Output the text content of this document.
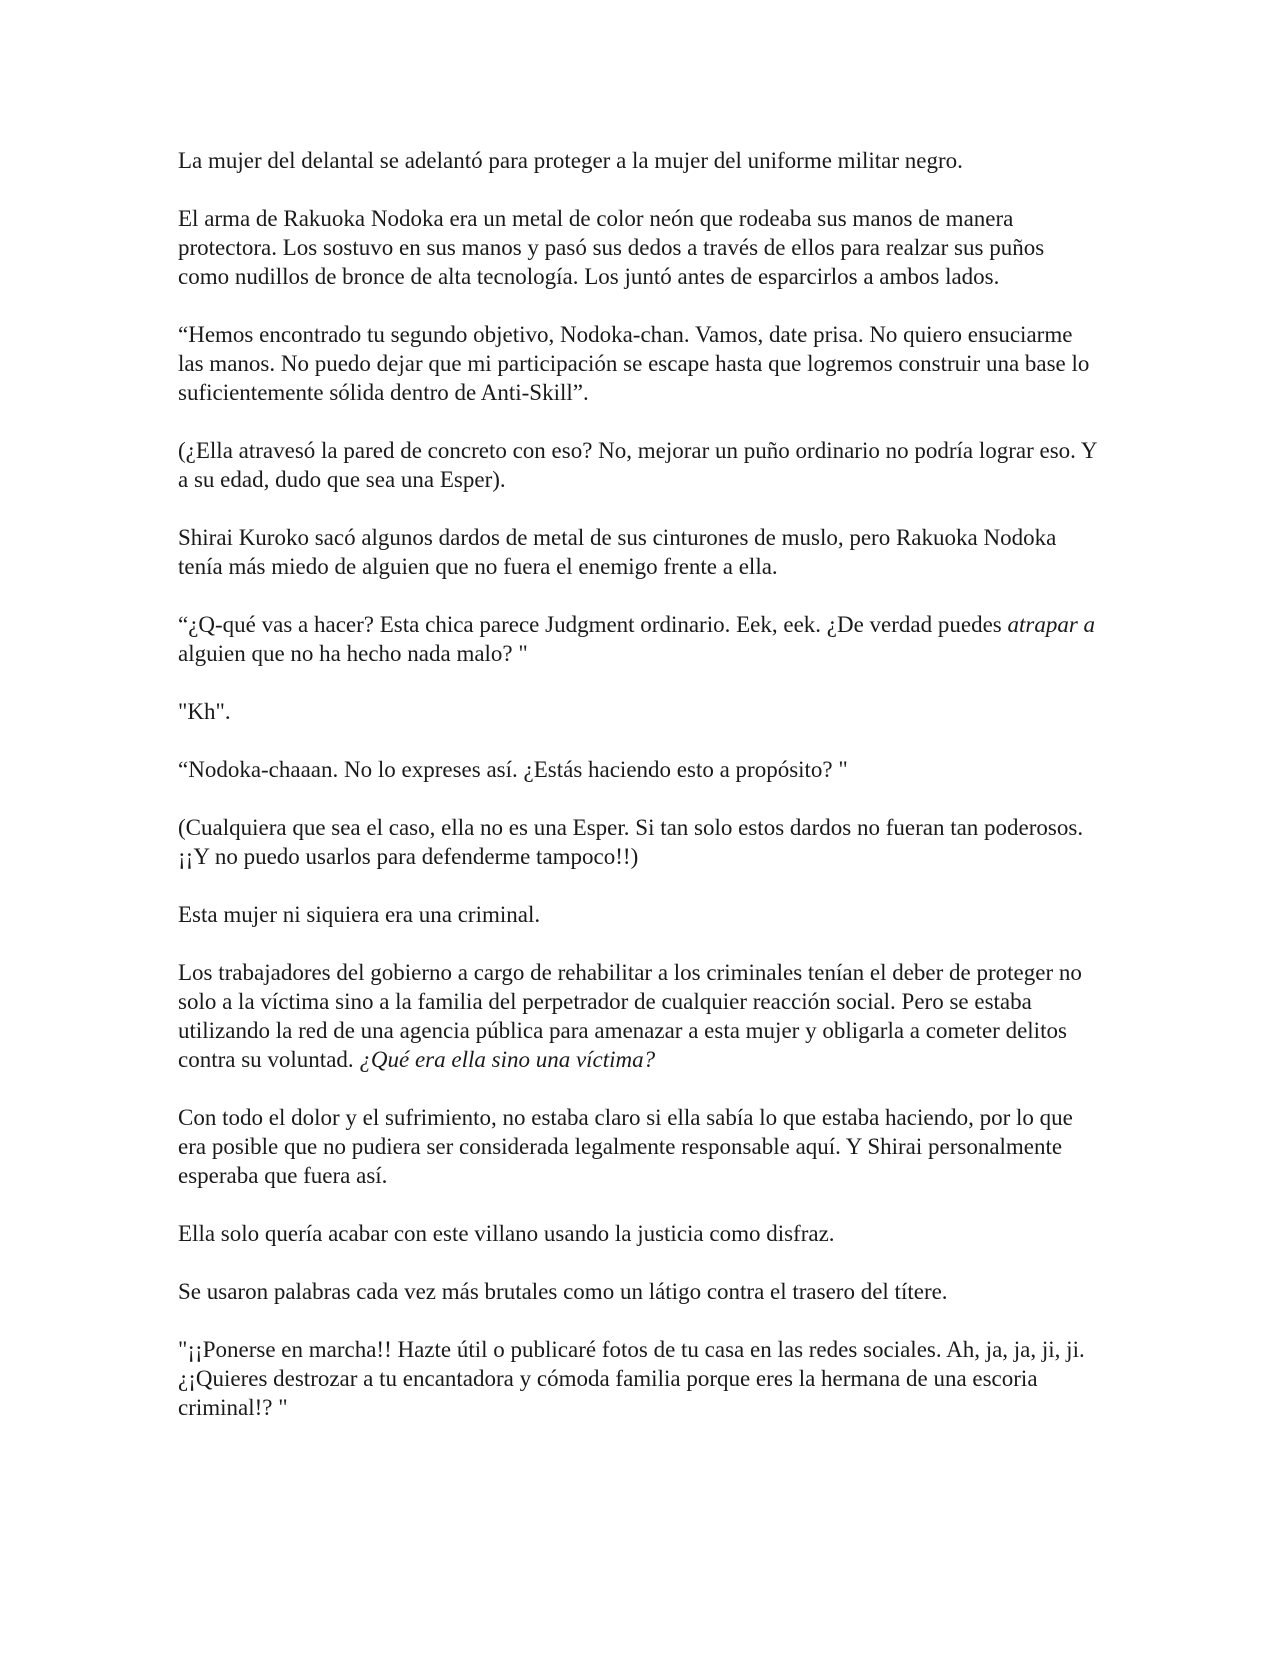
La mujer del delantal se adelantó para proteger a la mujer del uniforme militar negro.

El arma de Rakuoka Nodoka era un metal de color neón que rodeaba sus manos de manera protectora. Los sostuvo en sus manos y pasó sus dedos a través de ellos para realzar sus puños como nudillos de bronce de alta tecnología. Los juntó antes de esparcirlos a ambos lados.

“Hemos encontrado tu segundo objetivo, Nodoka-chan. Vamos, date prisa. No quiero ensuciarme las manos. No puedo dejar que mi participación se escape hasta que logremos construir una base lo suficientemente sólida dentro de Anti-Skill”.

(¿Ella atravesó la pared de concreto con eso? No, mejorar un puño ordinario no podría lograr eso. Y a su edad, dudo que sea una Esper).

Shirai Kuroko sacó algunos dardos de metal de sus cinturones de muslo, pero Rakuoka Nodoka tenía más miedo de alguien que no fuera el enemigo frente a ella.

“¿Q-qué vas a hacer? Esta chica parece Judgment ordinario. Eek, eek. ¿De verdad puedes atrapar a alguien que no ha hecho nada malo? "

"Kh".

“Nodoka-chaaan. No lo expreses así. ¿Estás haciendo esto a propósito? "

(Cualquiera que sea el caso, ella no es una Esper. Si tan solo estos dardos no fueran tan poderosos. ¡¡Y no puedo usarlos para defenderme tampoco!!)

Esta mujer ni siquiera era una criminal.

Los trabajadores del gobierno a cargo de rehabilitar a los criminales tenían el deber de proteger no solo a la víctima sino a la familia del perpetrador de cualquier reacción social. Pero se estaba utilizando la red de una agencia pública para amenazar a esta mujer y obligarla a cometer delitos contra su voluntad. ¿Qué era ella sino una víctima?

Con todo el dolor y el sufrimiento, no estaba claro si ella sabía lo que estaba haciendo, por lo que era posible que no pudiera ser considerada legalmente responsable aquí. Y Shirai personalmente esperaba que fuera así.

Ella solo quería acabar con este villano usando la justicia como disfraz.

Se usaron palabras cada vez más brutales como un látigo contra el trasero del títere.

"¡¡Ponerse en marcha!! Hazte útil o publicaré fotos de tu casa en las redes sociales. Ah, ja, ja, ji, ji. ¿¡Quieres destrozar a tu encantadora y cómoda familia porque eres la hermana de una escoria criminal!? "
